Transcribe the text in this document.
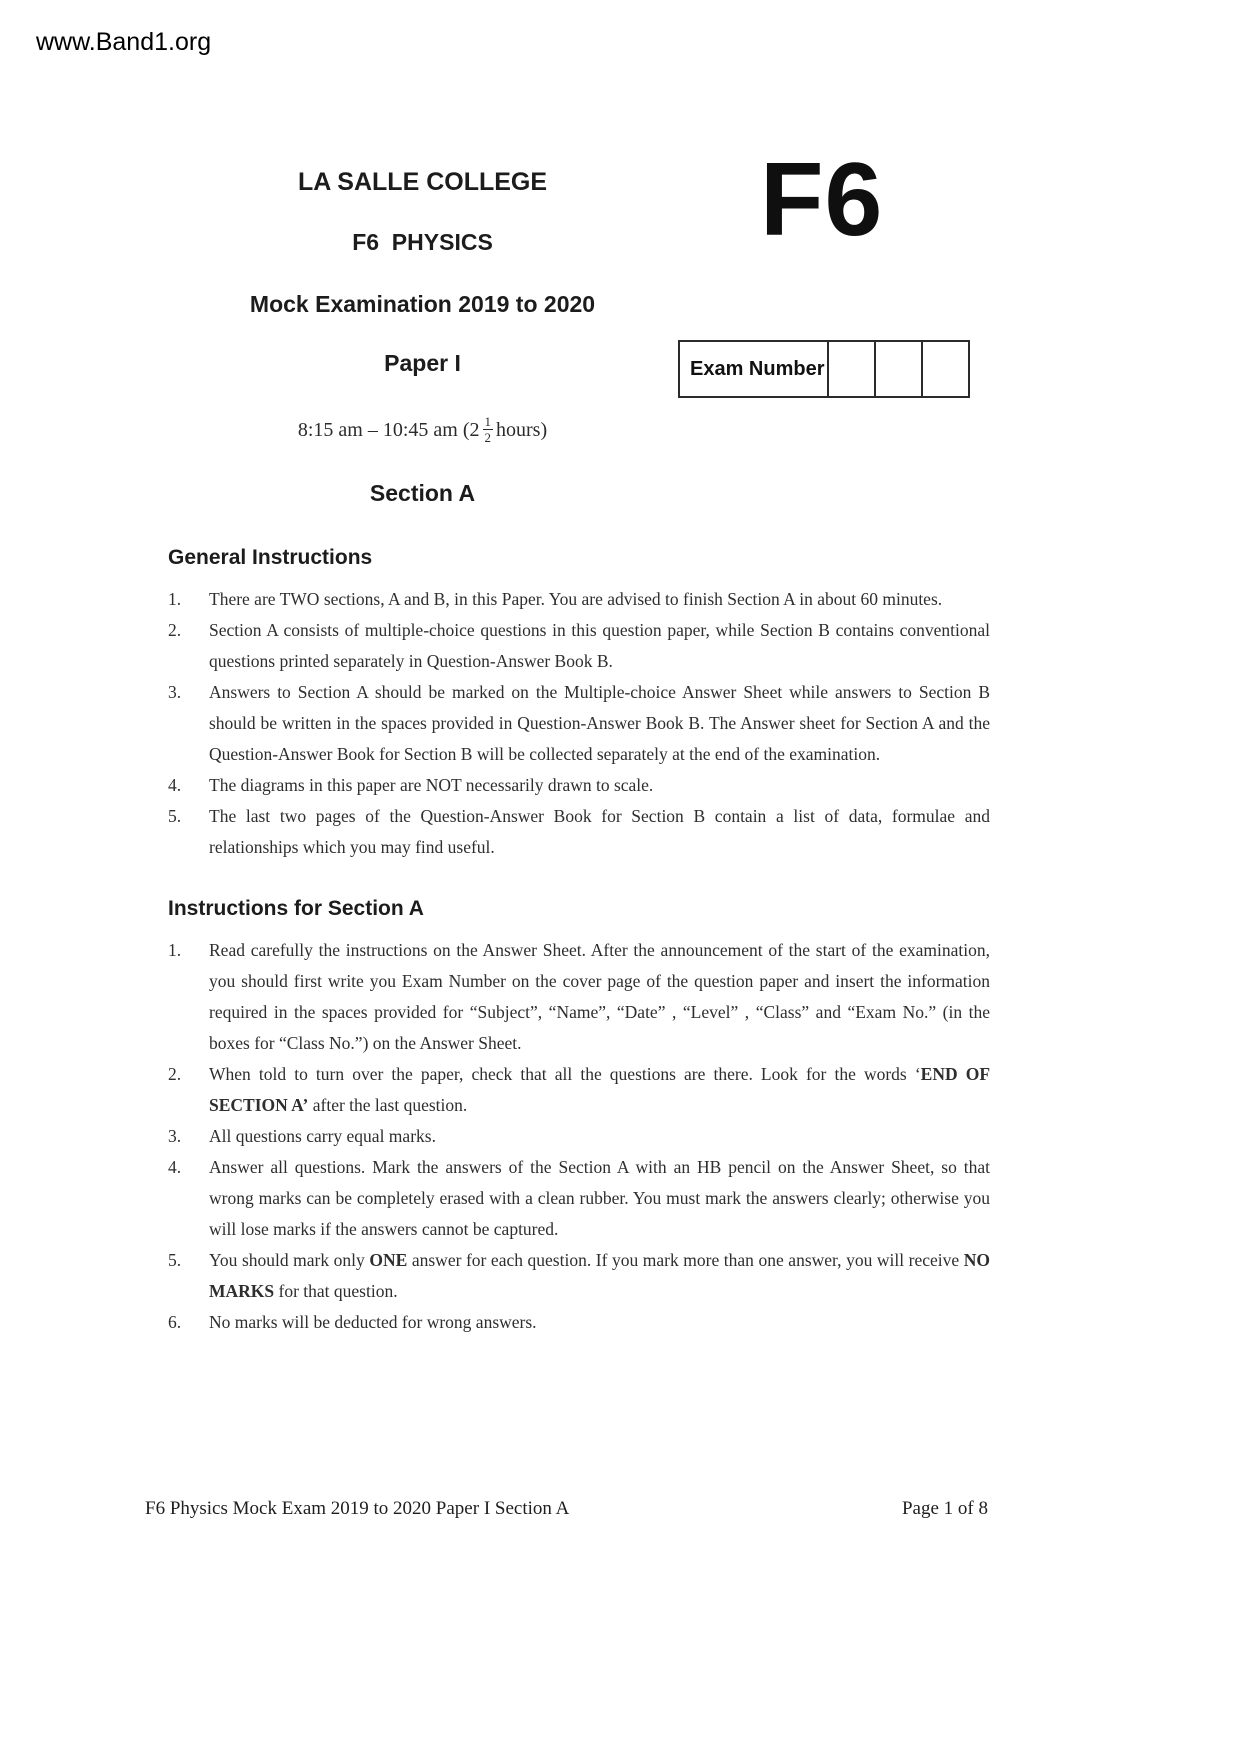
www.Band1.org
LA SALLE COLLEGE
F6  PHYSICS
Mock Examination 2019 to 2020
Paper I
8:15 am – 10:45 am ($2 \frac{1}{2}$ hours)
F6
Exam Number
Section A
General Instructions
1.	There are TWO sections, A and B, in this Paper. You are advised to finish Section A in about 60 minutes.
2.	Section A consists of multiple-choice questions in this question paper, while Section B contains conventional questions printed separately in Question-Answer Book B.
3.	Answers to Section A should be marked on the Multiple-choice Answer Sheet while answers to Section B should be written in the spaces provided in Question-Answer Book B. The Answer sheet for Section A and the Question-Answer Book for Section B will be collected separately at the end of the examination.
4.	The diagrams in this paper are NOT necessarily drawn to scale.
5.	The last two pages of the Question-Answer Book for Section B contain a list of data, formulae and relationships which you may find useful.
Instructions for Section A
1.	Read carefully the instructions on the Answer Sheet. After the announcement of the start of the examination, you should first write you Exam Number on the cover page of the question paper and insert the information required in the spaces provided for “Subject”, “Name”, “Date” , “Level” , “Class” and “Exam No.” (in the boxes for “Class No.”) on the Answer Sheet.
2.	When told to turn over the paper, check that all the questions are there. Look for the words ‘END OF SECTION A’ after the last question.
3.	All questions carry equal marks.
4.	Answer all questions. Mark the answers of the Section A with an HB pencil on the Answer Sheet, so that wrong marks can be completely erased with a clean rubber. You must mark the answers clearly; otherwise you will lose marks if the answers cannot be captured.
5.	You should mark only ONE answer for each question. If you mark more than one answer, you will receive NO MARKS for that question.
6.	No marks will be deducted for wrong answers.
F6 Physics Mock Exam 2019 to 2020 Paper I Section A	Page 1 of 8
